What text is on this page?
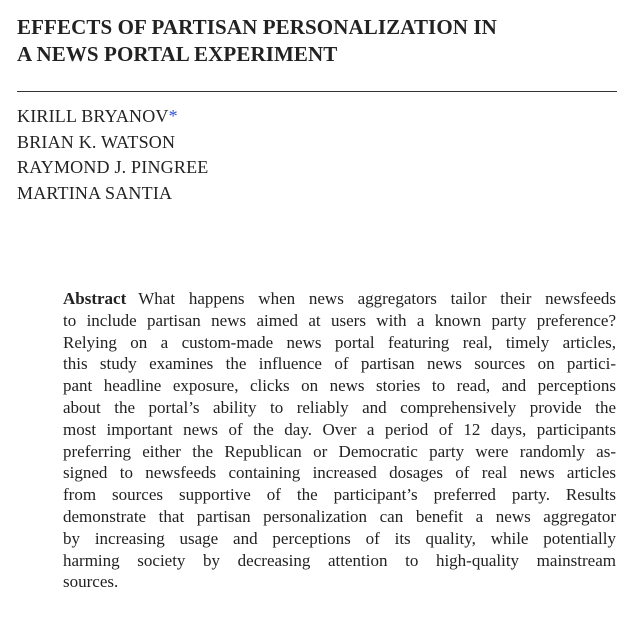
EFFECTS OF PARTISAN PERSONALIZATION IN
A NEWS PORTAL EXPERIMENT
KIRILL BRYANOV*
BRIAN K. WATSON
RAYMOND J. PINGREE
MARTINA SANTIA
Abstract What happens when news aggregators tailor their newsfeeds
to include partisan news aimed at users with a known party preference?
Relying on a custom-made news portal featuring real, timely articles,
this study examines the influence of partisan news sources on partici-
pant headline exposure, clicks on news stories to read, and perceptions
about the portal’s ability to reliably and comprehensively provide the
most important news of the day. Over a period of 12 days, participants
preferring either the Republican or Democratic party were randomly as-
signed to newsfeeds containing increased dosages of real news articles
from sources supportive of the participant’s preferred party. Results
demonstrate that partisan personalization can benefit a news aggregator
by increasing usage and perceptions of its quality, while potentially
harming society by decreasing attention to high-quality mainstream
sources.
